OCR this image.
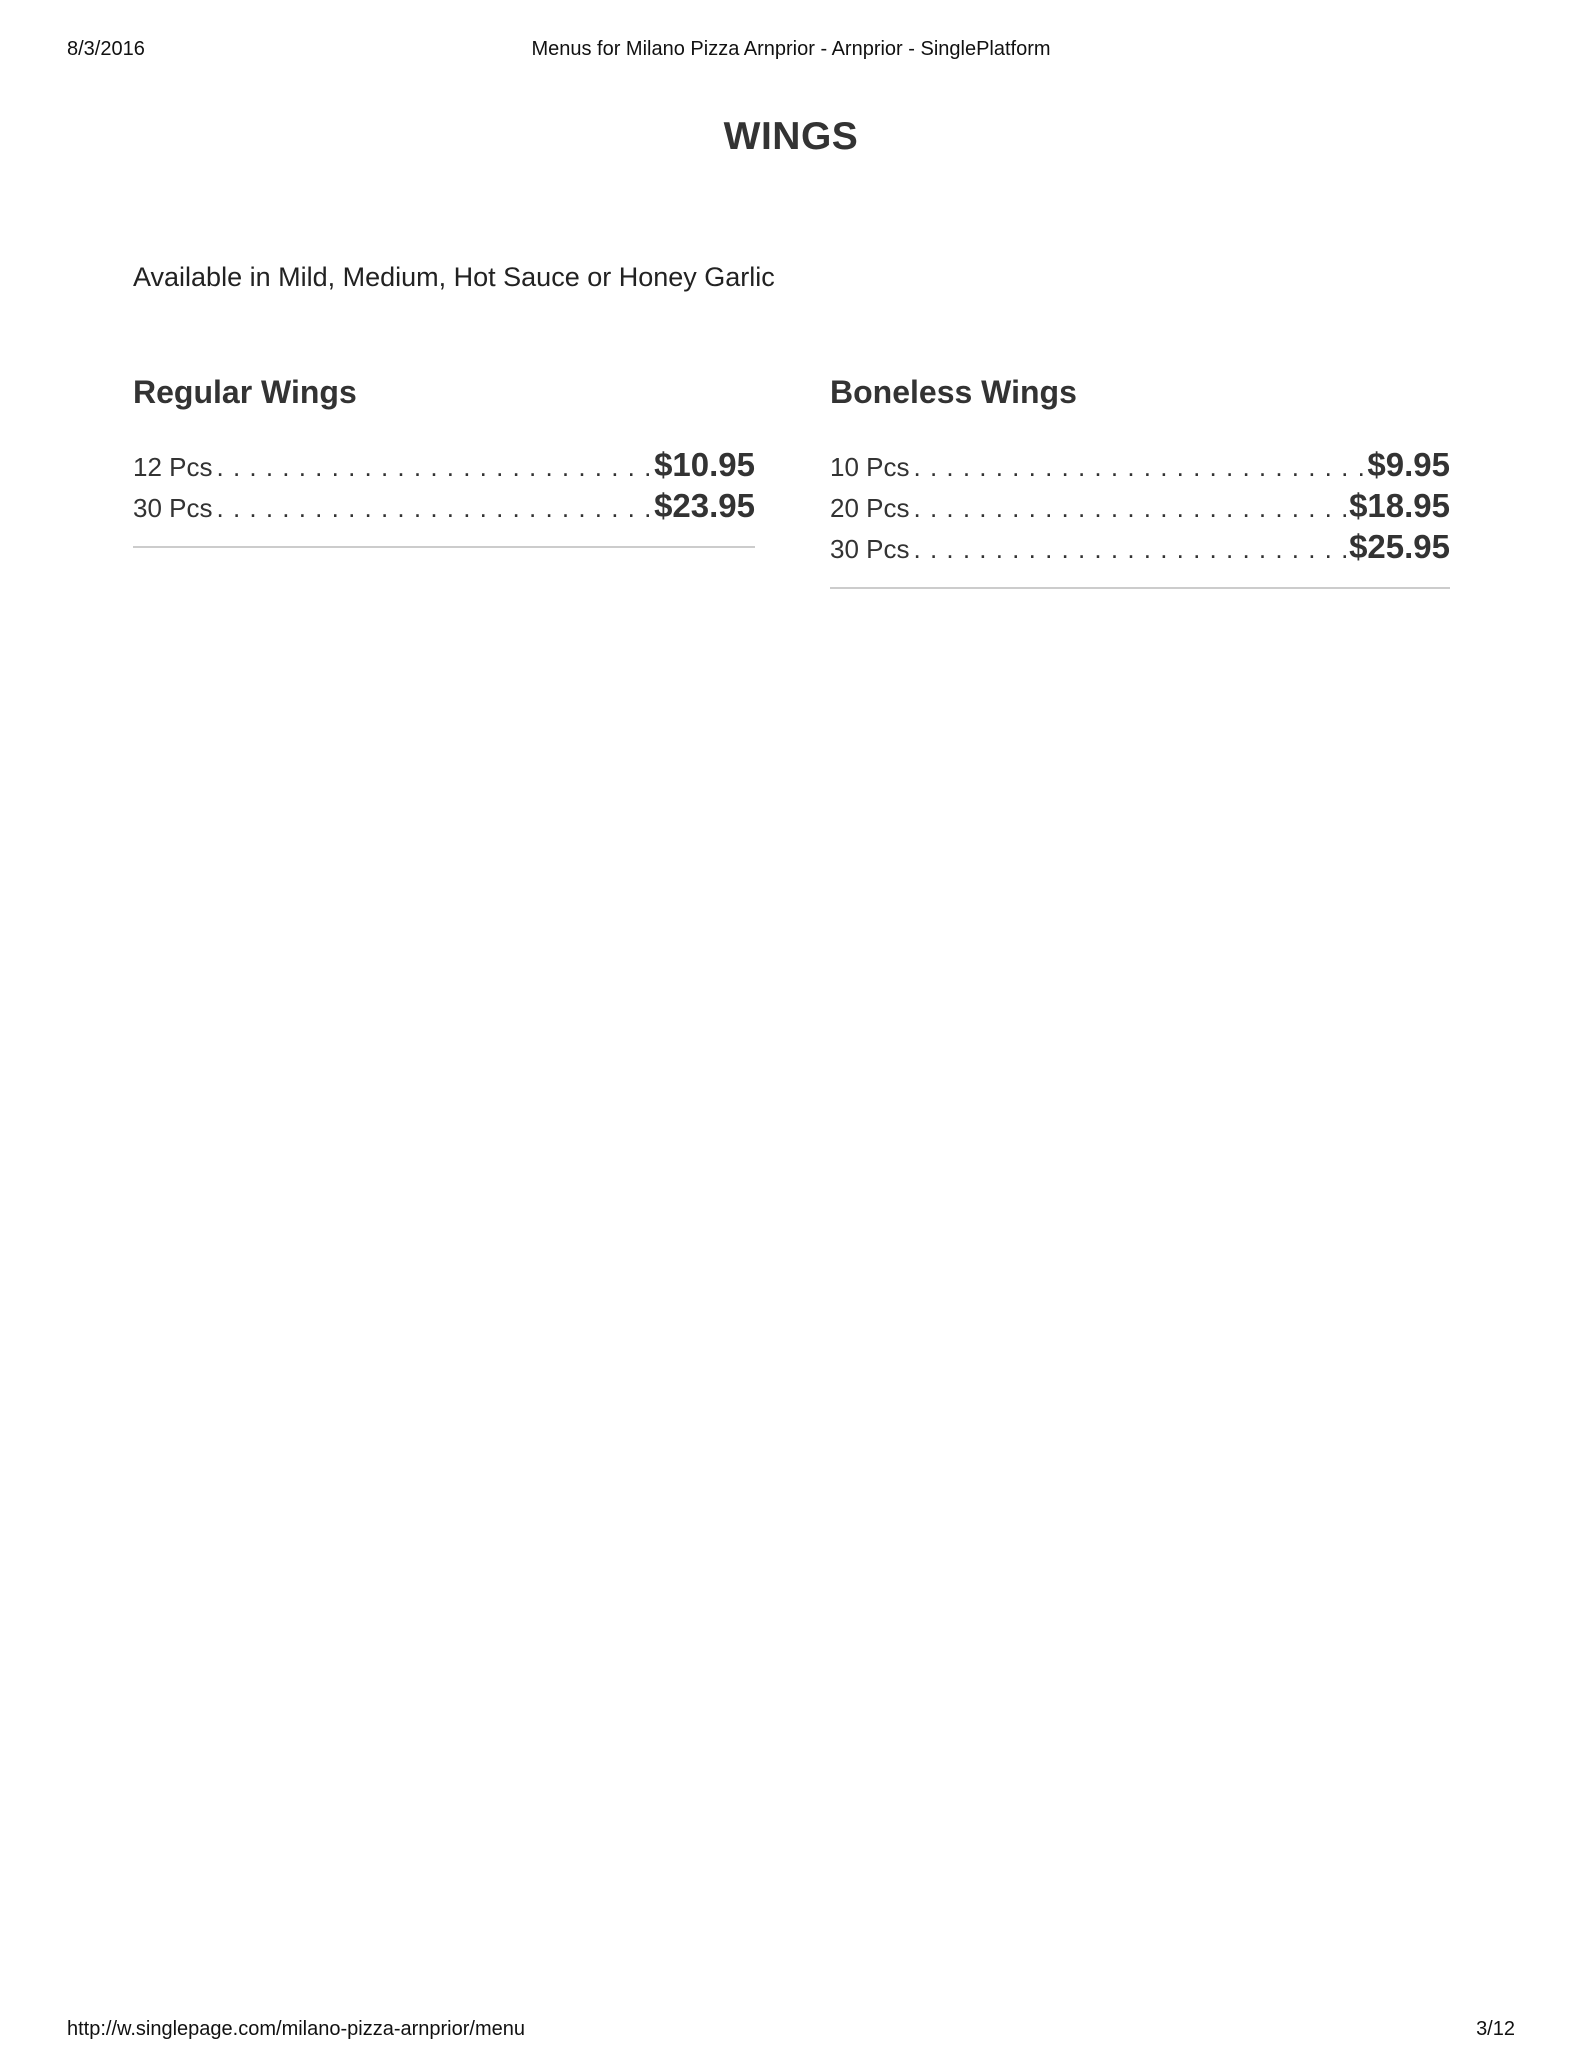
8/3/2016	Menus for Milano Pizza Arnprior - Arnprior - SinglePlatform
WINGS
Available in Mild, Medium, Hot Sauce or Honey Garlic
Regular Wings
12 Pcs . . .	$10.95
30 Pcs . . .	$23.95
Boneless Wings
10 Pcs . . .	$9.95
20 Pcs . . .	$18.95
30 Pcs . . .	$25.95
http://w.singlepage.com/milano-pizza-arnprior/menu	3/12
